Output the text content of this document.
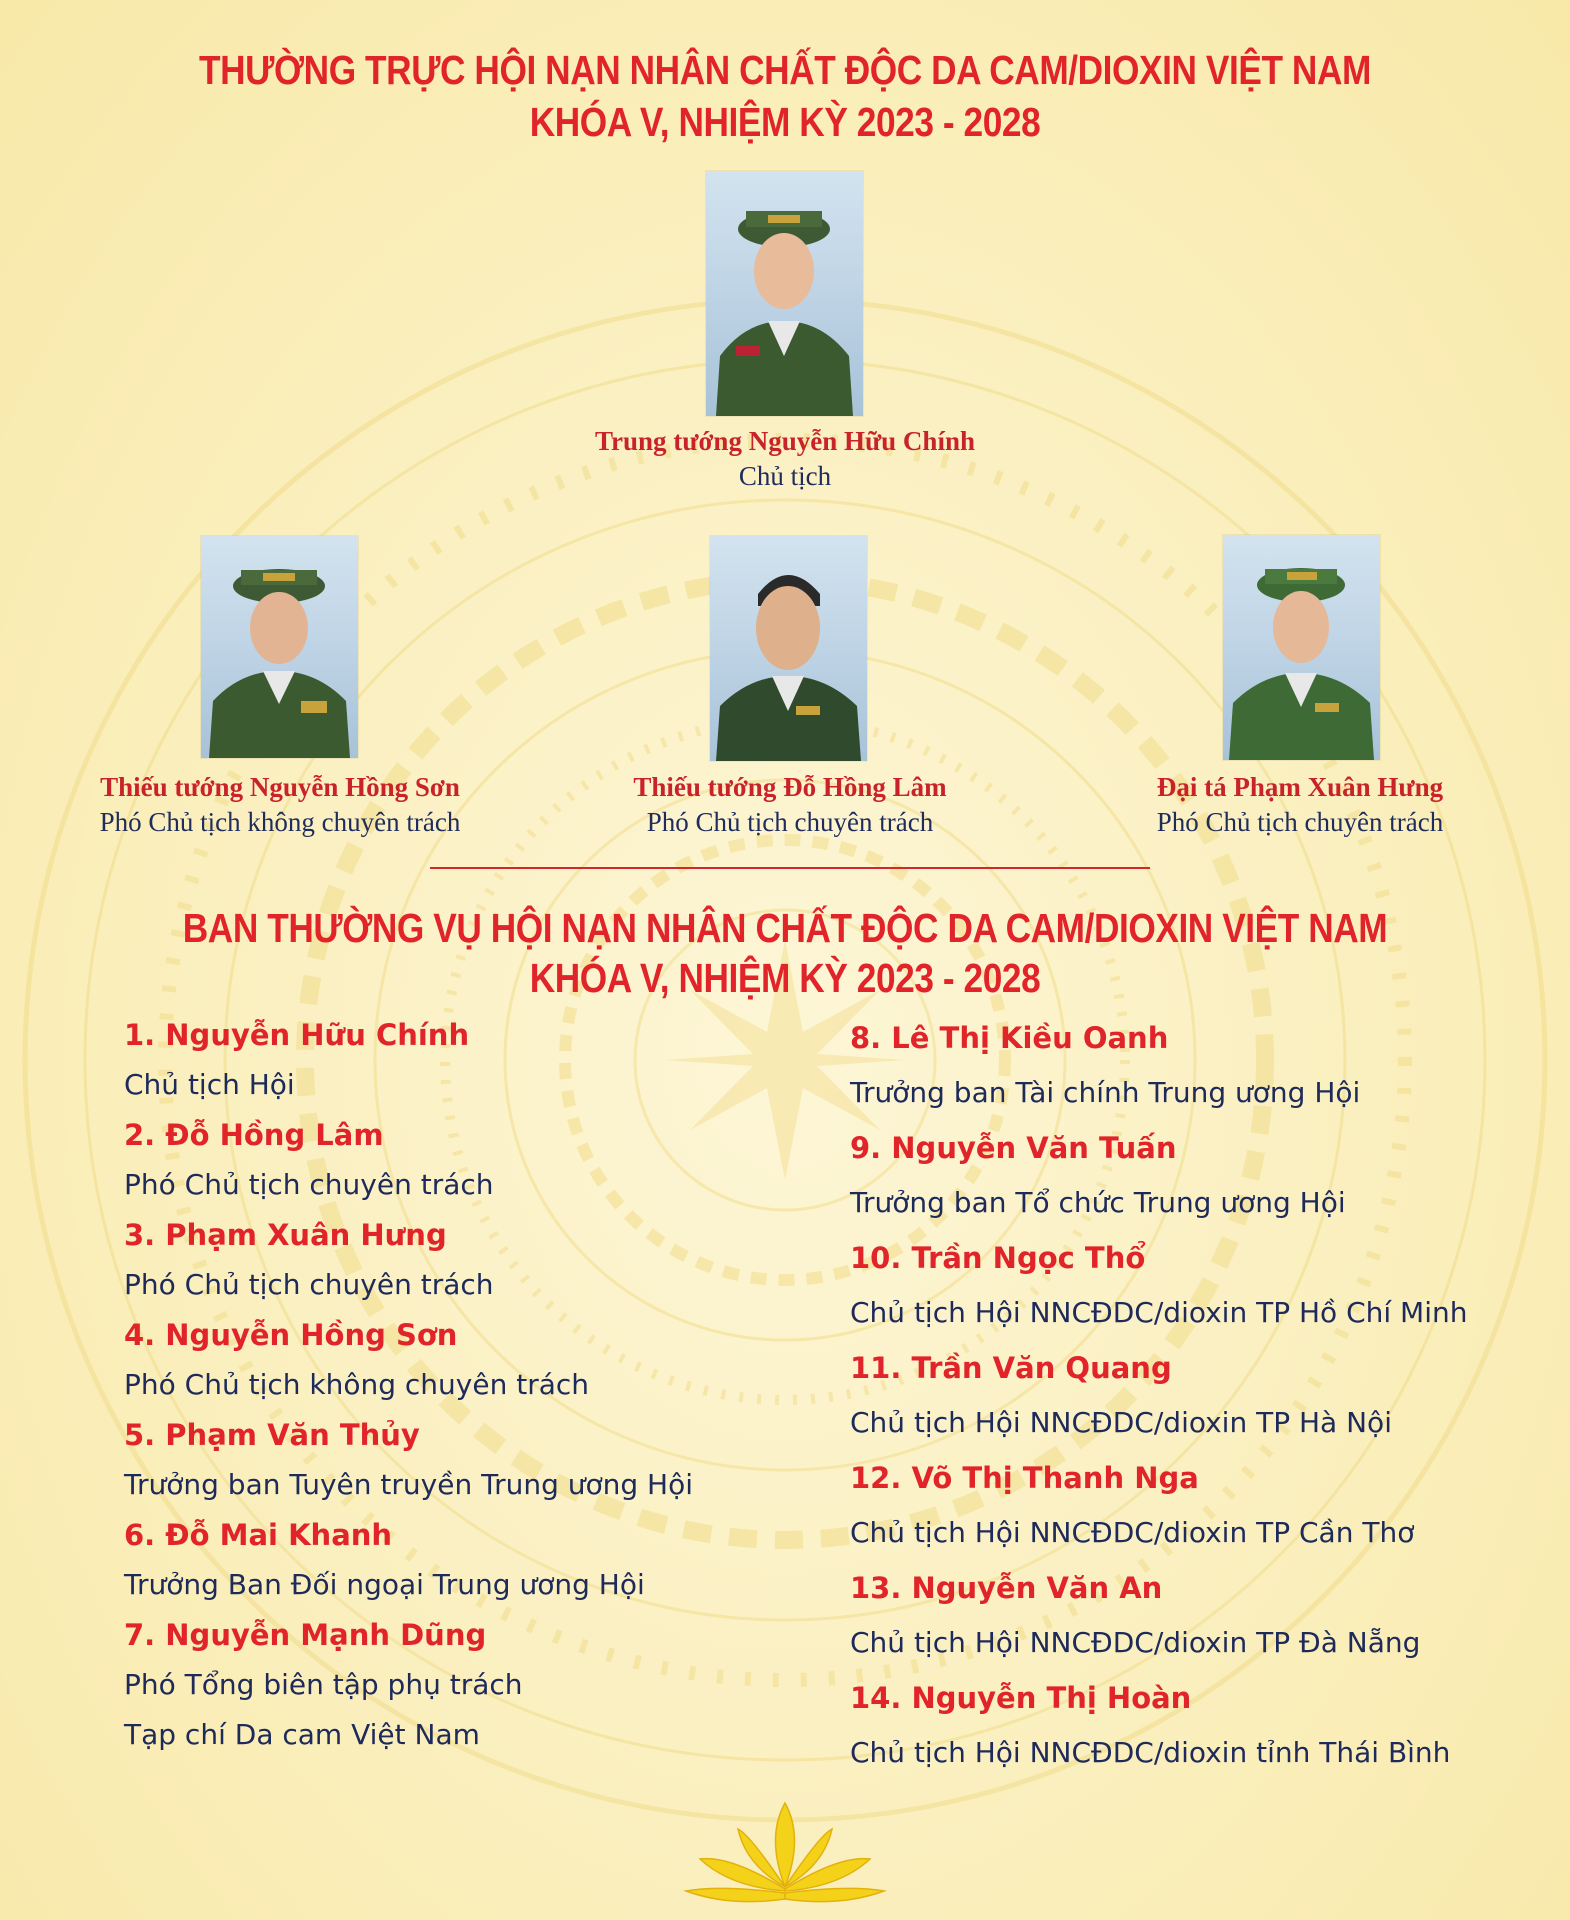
THƯỜNG TRỰC HỘI NẠN NHÂN CHẤT ĐỘC DA CAM/DIOXIN VIỆT NAM
KHÓA V, NHIỆM KỲ 2023 - 2028
Trung tướng Nguyễn Hữu Chính
Chủ tịch
Thiếu tướng Nguyễn Hồng Sơn
Phó Chủ tịch không chuyên trách
Thiếu tướng Đỗ Hồng Lâm
Phó Chủ tịch chuyên trách
Đại tá Phạm Xuân Hưng
Phó Chủ tịch chuyên trách
BAN THƯỜNG VỤ HỘI NẠN NHÂN CHẤT ĐỘC DA CAM/DIOXIN VIỆT NAM
KHÓA V, NHIỆM KỲ 2023 - 2028
1. Nguyễn Hữu Chính
Chủ tịch Hội
2. Đỗ Hồng Lâm
Phó Chủ tịch chuyên trách
3. Phạm Xuân Hưng
Phó Chủ tịch chuyên trách
4. Nguyễn Hồng Sơn
Phó Chủ tịch không chuyên trách
5. Phạm Văn Thủy
Trưởng ban Tuyên truyền Trung ương Hội
6. Đỗ Mai Khanh
Trưởng Ban Đối ngoại Trung ương Hội
7. Nguyễn Mạnh Dũng
Phó Tổng biên tập phụ trách
Tạp chí Da cam Việt Nam
8. Lê Thị Kiều Oanh
Trưởng ban Tài chính Trung ương Hội
9. Nguyễn Văn Tuấn
Trưởng ban Tổ chức Trung ương Hội
10. Trần Ngọc Thổ
Chủ tịch Hội NNCĐDC/dioxin TP Hồ Chí Minh
11. Trần Văn Quang
Chủ tịch Hội NNCĐDC/dioxin TP Hà Nội
12. Võ Thị Thanh Nga
Chủ tịch Hội NNCĐDC/dioxin TP Cần Thơ
13. Nguyễn Văn An
Chủ tịch Hội NNCĐDC/dioxin TP Đà Nẵng
14. Nguyễn Thị Hoàn
Chủ tịch Hội NNCĐDC/dioxin tỉnh Thái Bình
